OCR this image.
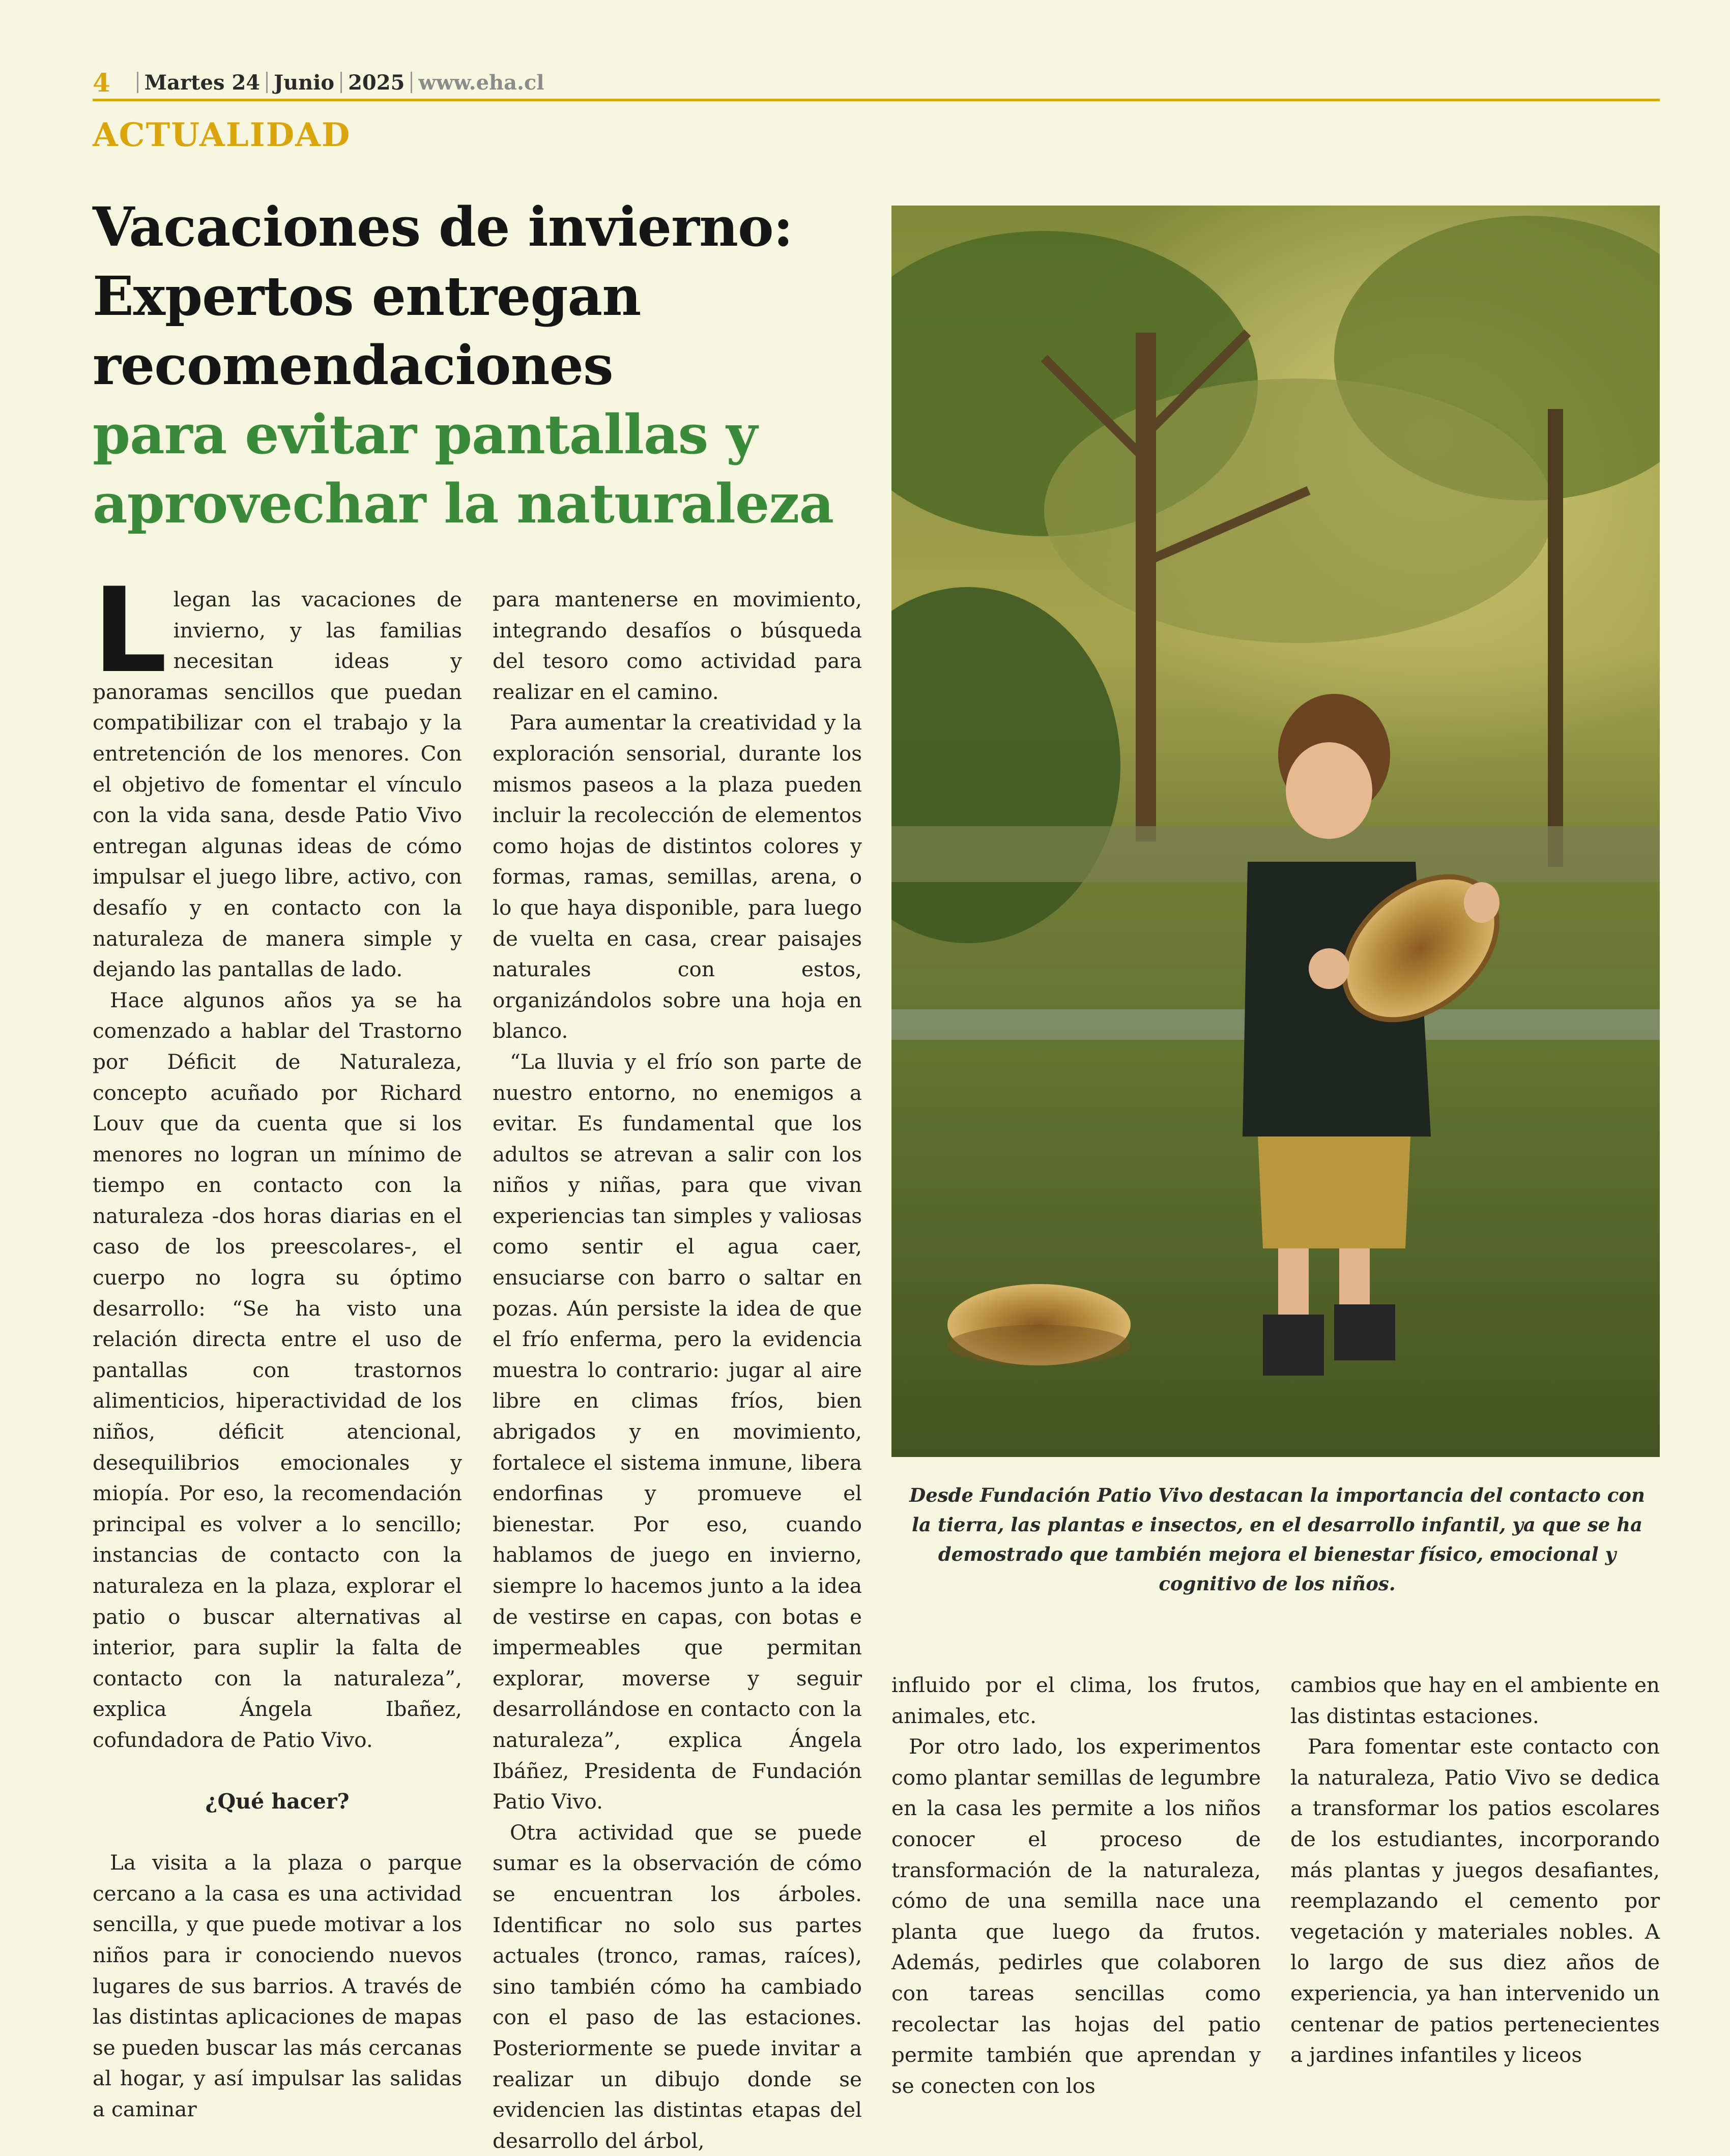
4 Martes 24 Junio 2025 www.eha.cl
ACTUALIDAD
Vacaciones de invierno: Expertos entregan recomendaciones
para evitar pantallas y aprovechar la naturaleza

Llegan las vacaciones de invierno, y las familias necesitan ideas y panoramas sencillos que puedan compatibilizar con el trabajo y la entretención de los menores. Con el objetivo de fomentar el vínculo con la vida sana, desde Patio Vivo entregan algunas ideas de cómo impulsar el juego libre, activo, con desafío y en contacto con la naturaleza de manera simple y dejando las pantallas de lado.

Hace algunos años ya se ha comenzado a hablar del Trastorno por Déficit de Naturaleza, concepto acuñado por Richard Louv que da cuenta que si los menores no logran un mínimo de tiempo en contacto con la naturaleza -dos horas diarias en el caso de los preescolares-, el cuerpo no logra su óptimo desarrollo: “Se ha visto una relación directa entre el uso de pantallas con trastornos alimenticios, hiperactividad de los niños, déficit atencional, desequilibrios emocionales y miopía. Por eso, la recomendación principal es volver a lo sencillo; instancias de contacto con la naturaleza en la plaza, explorar el patio o buscar alternativas al interior, para suplir la falta de contacto con la naturaleza”, explica Ángela Ibañez, cofundadora de Patio Vivo.

¿Qué hacer?

La visita a la plaza o parque cercano a la casa es una actividad sencilla, y que puede motivar a los niños para ir conociendo nuevos lugares de sus barrios. A través de las distintas aplicaciones de mapas se pueden buscar las más cercanas al hogar, y así impulsar las salidas a caminar

para mantenerse en movimiento, integrando desafíos o búsqueda del tesoro como actividad para realizar en el camino.

Para aumentar la creatividad y la exploración sensorial, durante los mismos paseos a la plaza pueden incluir la recolección de elementos como hojas de distintos colores y formas, ramas, semillas, arena, o lo que haya disponible, para luego de vuelta en casa, crear paisajes naturales con estos, organizándolos sobre una hoja en blanco.

“La lluvia y el frío son parte de nuestro entorno, no enemigos a evitar. Es fundamental que los adultos se atrevan a salir con los niños y niñas, para que vivan experiencias tan simples y valiosas como sentir el agua caer, ensuciarse con barro o saltar en pozas. Aún persiste la idea de que el frío enferma, pero la evidencia muestra lo contrario: jugar al aire libre en climas fríos, bien abrigados y en movimiento, fortalece el sistema inmune, libera endorfinas y promueve el bienestar. Por eso, cuando hablamos de juego en invierno, siempre lo hacemos junto a la idea de vestirse en capas, con botas e impermeables que permitan explorar, moverse y seguir desarrollándose en contacto con la naturaleza”, explica Ángela Ibáñez, Presidenta de Fundación Patio Vivo.

Otra actividad que se puede sumar es la observación de cómo se encuentran los árboles. Identificar no solo sus partes actuales (tronco, ramas, raíces), sino también cómo ha cambiado con el paso de las estaciones. Posteriormente se puede invitar a realizar un dibujo donde se evidencien las distintas etapas del desarrollo del árbol,

Desde Fundación Patio Vivo destacan la importancia del contacto con la tierra, las plantas e insectos, en el desarrollo infantil, ya que se ha demostrado que también mejora el bienestar físico, emocional y cognitivo de los niños.

influido por el clima, los frutos, animales, etc.

Por otro lado, los experimentos como plantar semillas de legumbre en la casa les permite a los niños conocer el proceso de transformación de la naturaleza, cómo de una semilla nace una planta que luego da frutos. Además, pedirles que colaboren con tareas sencillas como recolectar las hojas del patio permite también que aprendan y se conecten con los

cambios que hay en el ambiente en las distintas estaciones.

Para fomentar este contacto con la naturaleza, Patio Vivo se dedica a transformar los patios escolares de los estudiantes, incorporando más plantas y juegos desafiantes, reemplazando el cemento por vegetación y materiales nobles. A lo largo de sus diez años de experiencia, ya han intervenido un centenar de patios pertenecientes a jardines infantiles y liceos
